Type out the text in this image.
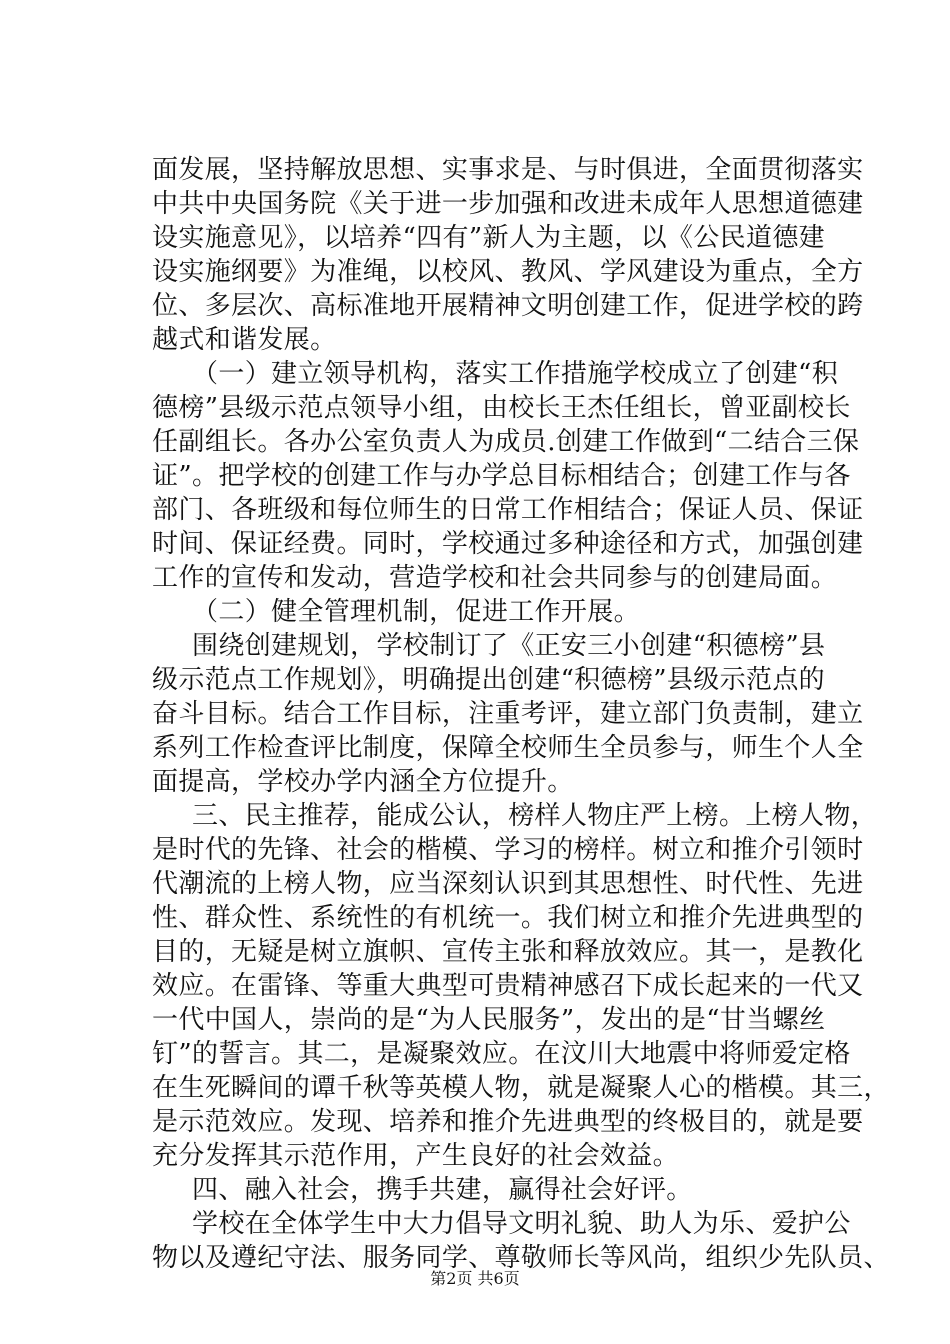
面发展，坚持解放思想、实事求是、与时俱进，全面贯彻落实
中共中央国务院《关于进一步加强和改进未成年人思想道德建
设实施意见》，以培养“四有”新人为主题，以《公民道德建
设实施纲要》为准绳，以校风、教风、学风建设为重点，全方
位、多层次、高标准地开展精神文明创建工作，促进学校的跨
越式和谐发展。
（一）建立领导机构，落实工作措施学校成立了创建“积
德榜”县级示范点领导小组，由校长王杰任组长，曾亚副校长
任副组长。各办公室负责人为成员.创建工作做到“二结合三保
证”。把学校的创建工作与办学总目标相结合；创建工作与各
部门、各班级和每位师生的日常工作相结合；保证人员、保证
时间、保证经费。同时，学校通过多种途径和方式，加强创建
工作的宣传和发动，营造学校和社会共同参与的创建局面。
（二）健全管理机制，促进工作开展。
围绕创建规划，学校制订了《正安三小创建“积德榜”县
级示范点工作规划》，明确提出创建“积德榜”县级示范点的
奋斗目标。结合工作目标，注重考评，建立部门负责制，建立
系列工作检查评比制度，保障全校师生全员参与，师生个人全
面提高，学校办学内涵全方位提升。
三、民主推荐，能成公认，榜样人物庄严上榜。上榜人物，
是时代的先锋、社会的楷模、学习的榜样。树立和推介引领时
代潮流的上榜人物，应当深刻认识到其思想性、时代性、先进
性、群众性、系统性的有机统一。我们树立和推介先进典型的
目的，无疑是树立旗帜、宣传主张和释放效应。其一，是教化
效应。在雷锋、等重大典型可贵精神感召下成长起来的一代又
一代中国人，崇尚的是“为人民服务”，发出的是“甘当螺丝
钉”的誓言。其二，是凝聚效应。在汶川大地震中将师爱定格
在生死瞬间的谭千秋等英模人物，就是凝聚人心的楷模。其三，
是示范效应。发现、培养和推介先进典型的终极目的，就是要
充分发挥其示范作用，产生良好的社会效益。
四、融入社会，携手共建，赢得社会好评。
学校在全体学生中大力倡导文明礼貌、助人为乐、爱护公
物以及遵纪守法、服务同学、尊敬师长等风尚，组织少先队员、
第2页 共6页
